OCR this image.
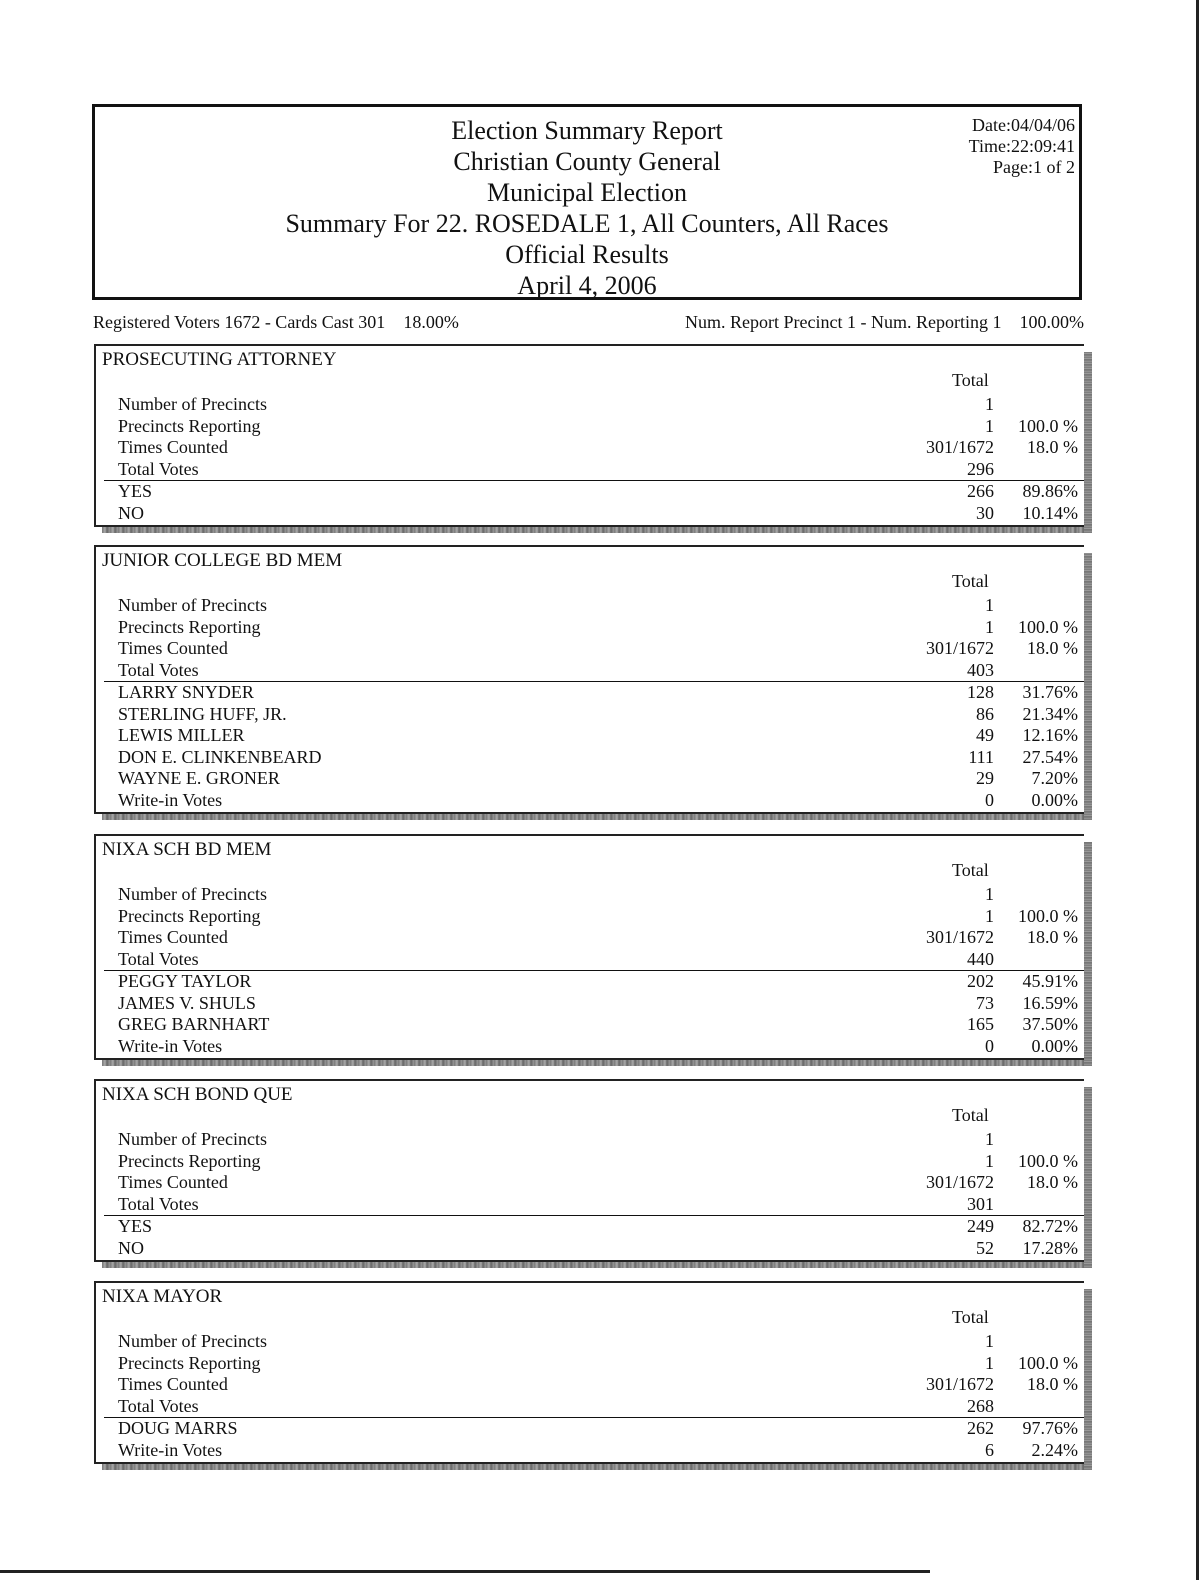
Election Summary Report
Christian County General
Municipal Election
Summary For 22. ROSEDALE 1, All Counters, All Races
Official Results
April 4, 2006
Date:04/04/06
Time:22:09:41
Page:1 of 2
Registered Voters 1672 - Cards Cast 301 18.00%	Num. Report Precinct 1 - Num. Reporting 1 100.00%
PROSECUTING ATTORNEY
Total
Number of Precincts	1
Precincts Reporting	1 100.0 %
Times Counted	301/1672 18.0 %
Total Votes	296
YES	266 89.86%
NO	30 10.14%
JUNIOR COLLEGE BD MEM
Total
Number of Precincts	1
Precincts Reporting	1 100.0 %
Times Counted	301/1672 18.0 %
Total Votes	403
LARRY SNYDER	128 31.76%
STERLING HUFF, JR.	86 21.34%
LEWIS MILLER	49 12.16%
DON E. CLINKENBEARD	111 27.54%
WAYNE E. GRONER	29 7.20%
Write-in Votes	0 0.00%
NIXA SCH BD MEM
Total
Number of Precincts	1
Precincts Reporting	1 100.0 %
Times Counted	301/1672 18.0 %
Total Votes	440
PEGGY TAYLOR	202 45.91%
JAMES V. SHULS	73 16.59%
GREG BARNHART	165 37.50%
Write-in Votes	0 0.00%
NIXA SCH BOND QUE
Total
Number of Precincts	1
Precincts Reporting	1 100.0 %
Times Counted	301/1672 18.0 %
Total Votes	301
YES	249 82.72%
NO	52 17.28%
NIXA MAYOR
Total
Number of Precincts	1
Precincts Reporting	1 100.0 %
Times Counted	301/1672 18.0 %
Total Votes	268
DOUG MARRS	262 97.76%
Write-in Votes	6 2.24%
